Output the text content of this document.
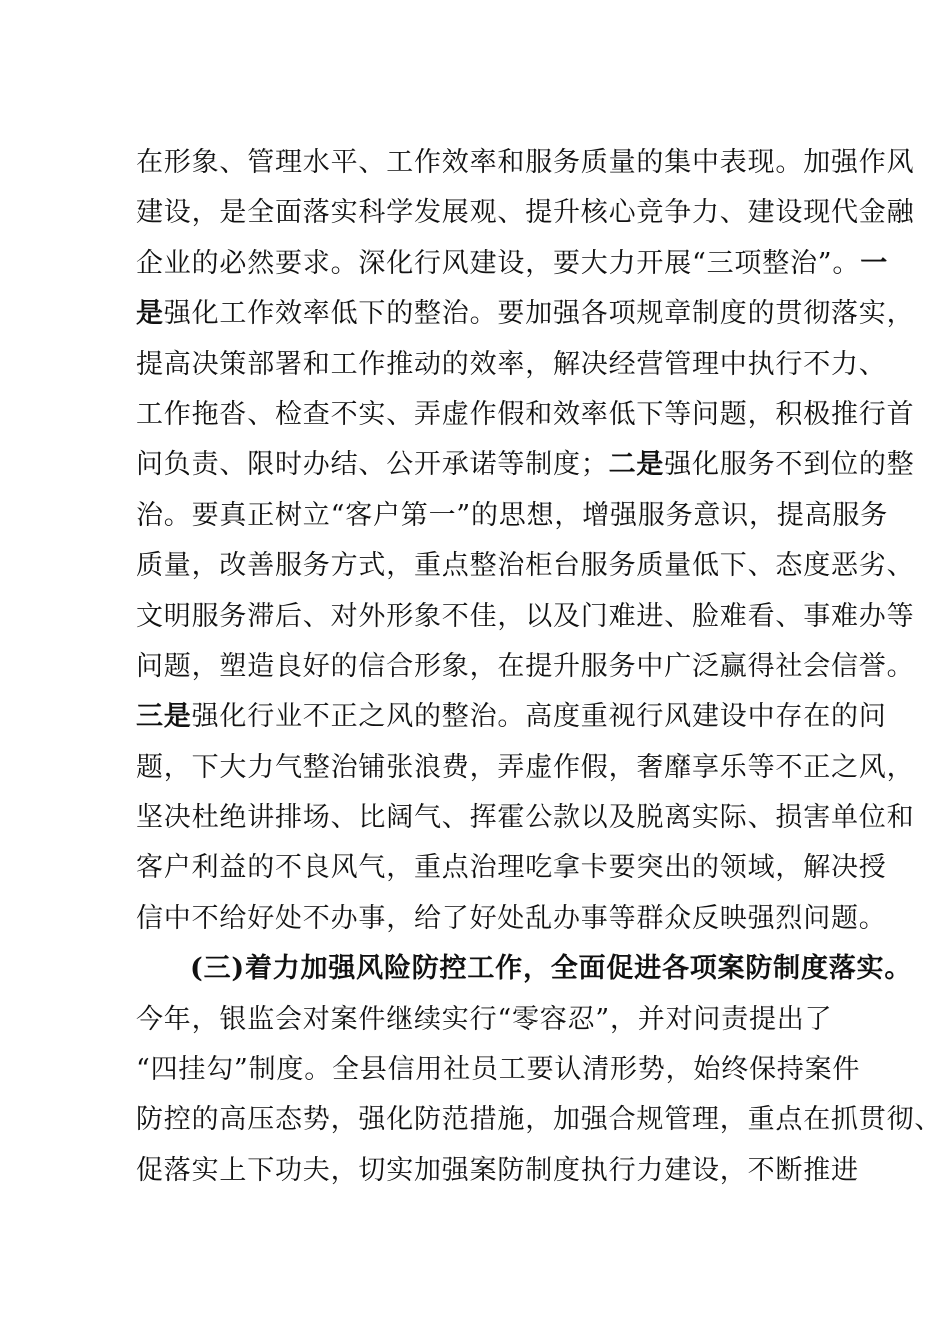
在形象、管理水平、工作效率和服务质量的集中表现。加强作风
建设，是全面落实科学发展观、提升核心竞争力、建设现代金融
企业的必然要求。深化行风建设，要大力开展“三项整治”。一
是强化工作效率低下的整治。要加强各项规章制度的贯彻落实，
提高决策部署和工作推动的效率，解决经营管理中执行不力、
工作拖沓、检查不实、弄虚作假和效率低下等问题，积极推行首
问负责、限时办结、公开承诺等制度；二是强化服务不到位的整
治。要真正树立“客户第一”的思想，增强服务意识，提高服务
质量，改善服务方式，重点整治柜台服务质量低下、态度恶劣、
文明服务滞后、对外形象不佳，以及门难进、脸难看、事难办等
问题，塑造良好的信合形象，在提升服务中广泛赢得社会信誉。
三是强化行业不正之风的整治。高度重视行风建设中存在的问
题，下大力气整治铺张浪费，弄虚作假，奢靡享乐等不正之风，
坚决杜绝讲排场、比阔气、挥霍公款以及脱离实际、损害单位和
客户利益的不良风气，重点治理吃拿卡要突出的领域，解决授
信中不给好处不办事，给了好处乱办事等群众反映强烈问题。
(三)着力加强风险防控工作，全面促进各项案防制度落实。
今年，银监会对案件继续实行“零容忍”，并对问责提出了
“四挂勾”制度。全县信用社员工要认清形势，始终保持案件
防控的高压态势，强化防范措施，加强合规管理，重点在抓贯彻、
促落实上下功夫，切实加强案防制度执行力建设，不断推进
